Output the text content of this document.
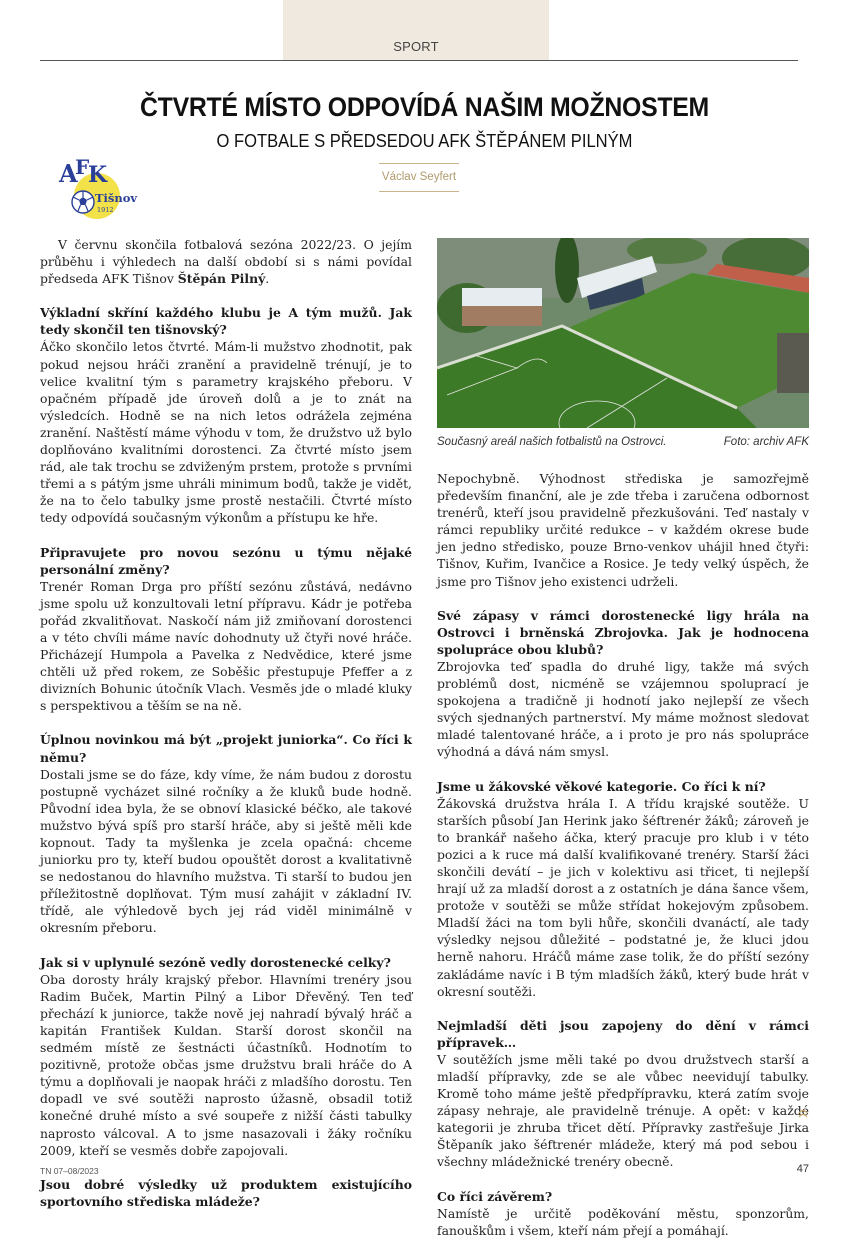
SPORT
ČTVRTÉ MÍSTO ODPOVÍDÁ NAŠIM MOŽNOSTEM
O FOTBALE S PŘEDSEDOU AFK ŠTĚPÁNEM PILNÝM
Václav Seyfert
A
F
K
Tišnov
1912

V červnu skončila fotbalová sezóna 2022/23. O jejím průběhu i výhledech na další období si s námi povídal předseda AFK Tišnov Štěpán Pilný.

Výkladní skříní každého klubu je A tým mužů. Jak tedy skončil ten tišnovský?

Áčko skončilo letos čtvrté. Mám-li mužstvo zhodnotit, pak pokud nejsou hráči zranění a pravidelně trénují, je to velice kvalitní tým s parametry krajského přeboru. V opačném případě jde úroveň dolů a je to znát na výsledcích. Hodně se na nich letos odrážela zejména zranění. Naštěstí máme výhodu v tom, že družstvo už bylo doplňováno kvalitními dorostenci. Za čtvrté místo jsem rád, ale tak trochu se zdviženým prstem, protože s prvními třemi a s pátým jsme uhráli minimum bodů, takže je vidět, že na to čelo tabulky jsme prostě nestačili. Čtvrté místo tedy odpovídá současným výkonům a přístupu ke hře.

Připravujete pro novou sezónu u týmu nějaké personální změny?

Trenér Roman Drga pro příští sezónu zůstává, nedávno jsme spolu už konzultovali letní přípravu. Kádr je potřeba pořád zkvalitňovat. Naskočí nám již zmiňovaní dorostenci a v této chvíli máme navíc dohodnuty už čtyři nové hráče. Přicházejí Humpola a Pavelka z Nedvědice, které jsme chtěli už před rokem, ze Soběšic přestupuje Pfeffer a z divizních Bohunic útočník Vlach. Vesměs jde o mladé kluky s perspektivou a těším se na ně.

Úplnou novinkou má být „projekt juniorka“. Co říci k němu?

Dostali jsme se do fáze, kdy víme, že nám budou z dorostu postupně vycházet silné ročníky a že kluků bude hodně. Původní idea byla, že se obnoví klasické béčko, ale takové mužstvo bývá spíš pro starší hráče, aby si ještě měli kde kopnout. Tady ta myšlenka je zcela opačná: chceme juniorku pro ty, kteří budou opouštět dorost a kvalitativně se nedostanou do hlavního mužstva. Ti starší to budou jen příležitostně doplňovat. Tým musí zahájit v základní IV. třídě, ale výhledově bych jej rád viděl minimálně v okresním přeboru.

Jak si v uplynulé sezóně vedly dorostenecké celky?

Oba dorosty hrály krajský přebor. Hlavními trenéry jsou Radim Buček, Martin Pilný a Libor Dřevěný. Ten teď přechází k juniorce, takže nově jej nahradí bývalý hráč a kapitán František Kuldan. Starší dorost skončil na sedmém místě ze šestnácti účastníků. Hodnotím to pozitivně, protože občas jsme družstvu brali hráče do A týmu a doplňovali je naopak hráči z mladšího dorostu. Ten dopadl ve své soutěži naprosto úžasně, obsadil totiž konečné druhé místo a své soupeře z nižší části tabulky naprosto válcoval. A to jsme nasazovali i žáky ročníku 2009, kteří se vesměs dobře zapojovali.

Jsou dobré výsledky už produktem existujícího sportovního střediska mládeže?

Současný areál našich fotbalistů na Ostrovci.	Foto: archiv AFK

Nepochybně. Výhodnost střediska je samozřejmě především finanční, ale je zde třeba i zaručena odbornost trenérů, kteří jsou pravidelně přezkušováni. Teď nastaly v rámci republiky určité redukce – v každém okrese bude jen jedno středisko, pouze Brno-venkov uhájil hned čtyři: Tišnov, Kuřim, Ivančice a Rosice. Je tedy velký úspěch, že jsme pro Tišnov jeho existenci udrželi.

Své zápasy v rámci dorostenecké ligy hrála na Ostrovci i brněnská Zbrojovka. Jak je hodnocena spolupráce obou klubů?

Zbrojovka teď spadla do druhé ligy, takže má svých problémů dost, nicméně se vzájemnou spoluprací je spokojena a tradičně ji hodnotí jako nejlepší ze všech svých sjednaných partnerství. My máme možnost sledovat mladé talentované hráče, a i proto je pro nás spolupráce výhodná a dává nám smysl.

Jsme u žákovské věkové kategorie. Co říci k ní?

Žákovská družstva hrála I. A třídu krajské soutěže. U starších působí Jan Herink jako šéftrenér žáků; zároveň je to brankář našeho áčka, který pracuje pro klub i v této pozici a k ruce má další kvalifikované trenéry. Starší žáci skončili devátí – je jich v kolektivu asi třicet, ti nejlepší hrají už za mladší dorost a z ostatních je dána šance všem, protože v soutěži se může střídat hokejovým způsobem. Mladší žáci na tom byli hůře, skončili dvanáctí, ale tady výsledky nejsou důležité – podstatné je, že kluci jdou herně nahoru. Hráčů máme zase tolik, že do příští sezóny zakládáme navíc i B tým mladších žáků, který bude hrát v okresní soutěži.

Nejmladší děti jsou zapojeny do dění v rámci přípravek…

V soutěžích jsme měli také po dvou družstvech starší a mladší přípravky, zde se ale vůbec neevidují tabulky. Kromě toho máme ještě předpřípravku, která zatím svoje zápasy nehraje, ale pravidelně trénuje. A opět: v každé kategorii je zhruba třicet dětí. Přípravky zastřešuje Jirka Štěpaník jako šéftrenér mládeže, který má pod sebou i všechny mládežnické trenéry obecně.

Co říci závěrem?

Namístě je určitě poděkování městu, sponzorům, fanouškům i všem, kteří nám přejí a pomáhají.

TN 07–08/2023	47
